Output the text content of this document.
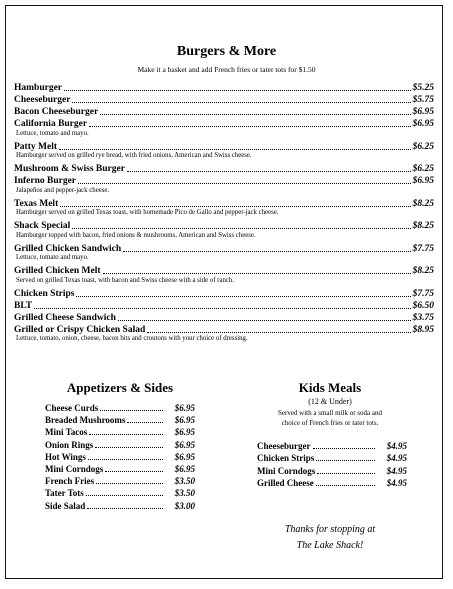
Burgers & More
Make it a basket and add French fries or tater tots for $1.50
Hamburger	$5.25
Cheeseburger	$5.75
Bacon Cheeseburger	$6.95
California Burger	$6.95
Lettuce, tomato and mayo.
Patty Melt	$6.25
Hamburger served on grilled rye bread, with fried onions, American and Swiss cheese.
Mushroom & Swiss Burger	$6.25
Inferno Burger	$6.95
Jalapeños and pepper-jack cheese.
Texas Melt	$8.25
Hamburger served on grilled Texas toast, with homemade Pico de Gallo and pepper-jack cheese.
Shack Special	$8.25
Hamburger topped with bacon, fried onions & mushrooms, American and Swiss cheese.
Grilled Chicken Sandwich	$7.75
Lettuce, tomato and mayo.
Grilled Chicken Melt	$8.25
Served on grilled Texas toast, with bacon and Swiss cheese with a side of ranch.
Chicken Strips	$7.75
BLT	$6.50
Grilled Cheese Sandwich	$3.75
Grilled or Crispy Chicken Salad	$8.95
Lettuce, tomato, onion, cheese, bacon bits and croutons with your choice of dressing.
Appetizers & Sides
Cheese Curds	$6.95
Breaded Mushrooms	$6.95
Mini Tacos	$6.95
Onion Rings	$6.95
Hot Wings	$6.95
Mini Corndogs	$6.95
French Fries	$3.50
Tater Tots	$3.50
Side Salad	$3.00
Kids Meals
(12 & Under)
Served with a small milk or soda and
choice of French fries or tater tots.
Cheeseburger	$4.95
Chicken Strips	$4.95
Mini Corndogs	$4.95
Grilled Cheese	$4.95
Thanks for stopping at
The Lake Shack!
